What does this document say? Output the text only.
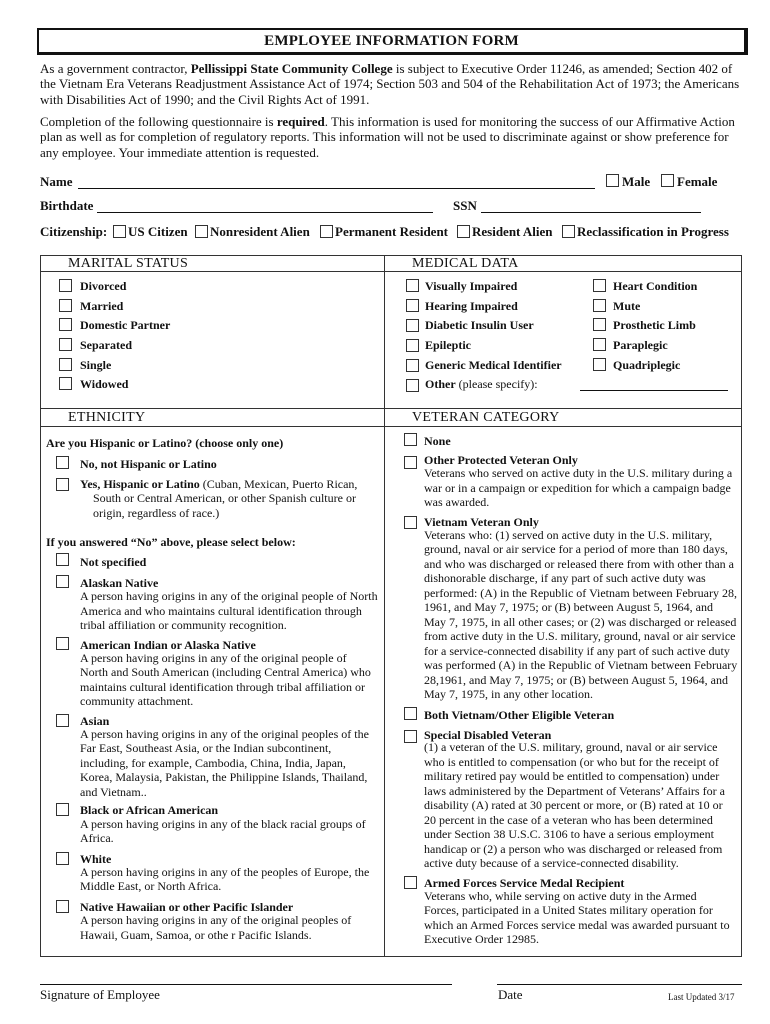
EMPLOYEE INFORMATION FORM
As a government contractor, Pellissippi State Community College is subject to Executive Order 11246, as amended; Section 402 of the Vietnam Era Veterans Readjustment Assistance Act of 1974; Section 503 and 504 of the Rehabilitation Act of 1973; the Americans with Disabilities Act of 1990; and the Civil Rights Act of 1991.
Completion of the following questionnaire is required. This information is used for monitoring the success of our Affirmative Action plan as well as for completion of regulatory reports. This information will not be used to discriminate against or show preference for any employee. Your immediate attention is requested.
Name	Male Female
Birthdate	SSN
Citizenship: US Citizen Nonresident Alien Permanent Resident Resident Alien Reclassification in Progress
MARITAL STATUS
Divorced
Married
Domestic Partner
Separated
Single
Widowed
MEDICAL DATA
Visually Impaired
Hearing Impaired
Diabetic Insulin User
Epileptic
Generic Medical Identifier
Other (please specify):
Heart Condition
Mute
Prosthetic Limb
Paraplegic
Quadriplegic
ETHNICITY
Are you Hispanic or Latino? (choose only one)
No, not Hispanic or Latino
Yes, Hispanic or Latino (Cuban, Mexican, Puerto Rican,
South or Central American, or other Spanish culture or
origin, regardless of race.)
If you answered “No” above, please select below:
Not specified
Alaskan Native
A person having origins in any of the original people of North
America and who maintains cultural identification through
tribal affiliation or community recognition.
American Indian or Alaska Native
A person having origins in any of the original people of
North and South American (including Central America) who
maintains cultural identification through tribal affiliation or
community attachment.
Asian
A person having origins in any of the original peoples of the
Far East, Southeast Asia, or the Indian subcontinent,
including, for example, Cambodia, China, India, Japan,
Korea, Malaysia, Pakistan, the Philippine Islands, Thailand,
and Vietnam..
Black or African American
A person having origins in any of the black racial groups of
Africa.
White
A person having origins in any of the peoples of Europe, the
Middle East, or North Africa.
Native Hawaiian or other Pacific Islander
A person having origins in any of the original peoples of
Hawaii, Guam, Samoa, or othe r Pacific Islands.
VETERAN CATEGORY
None
Other Protected Veteran Only
Veterans who served on active duty in the U.S. military during a
war or in a campaign or expedition for which a campaign badge
was awarded.
Vietnam Veteran Only
Veterans who: (1) served on active duty in the U.S. military,
ground, naval or air service for a period of more than 180 days,
and who was discharged or released there from with other than a
dishonorable discharge, if any part of such active duty was
performed: (A) in the Republic of Vietnam between February 28,
1961, and May 7, 1975; or (B) between August 5, 1964, and
May 7, 1975, in all other cases; or (2) was discharged or released
from active duty in the U.S. military, ground, naval or air service
for a service-connected disability if any part of such active duty
was performed (A) in the Republic of Vietnam between February
28,1961, and May 7, 1975; or (B) between August 5, 1964, and
May 7, 1975, in any other location.
Both Vietnam/Other Eligible Veteran
Special Disabled Veteran
(1) a veteran of the U.S. military, ground, naval or air service
who is entitled to compensation (or who but for the receipt of
military retired pay would be entitled to compensation) under
laws administered by the Department of Veterans’ Affairs for a
disability (A) rated at 30 percent or more, or (B) rated at 10 or
20 percent in the case of a veteran who has been determined
under Section 38 U.S.C. 3106 to have a serious employment
handicap or (2) a person who was discharged or released from
active duty because of a service-connected disability.
Armed Forces Service Medal Recipient
Veterans who, while serving on active duty in the Armed
Forces, participated in a United States military operation for
which an Armed Forces service medal was awarded pursuant to
Executive Order 12985.
Signature of Employee	Date	Last Updated 3/17
